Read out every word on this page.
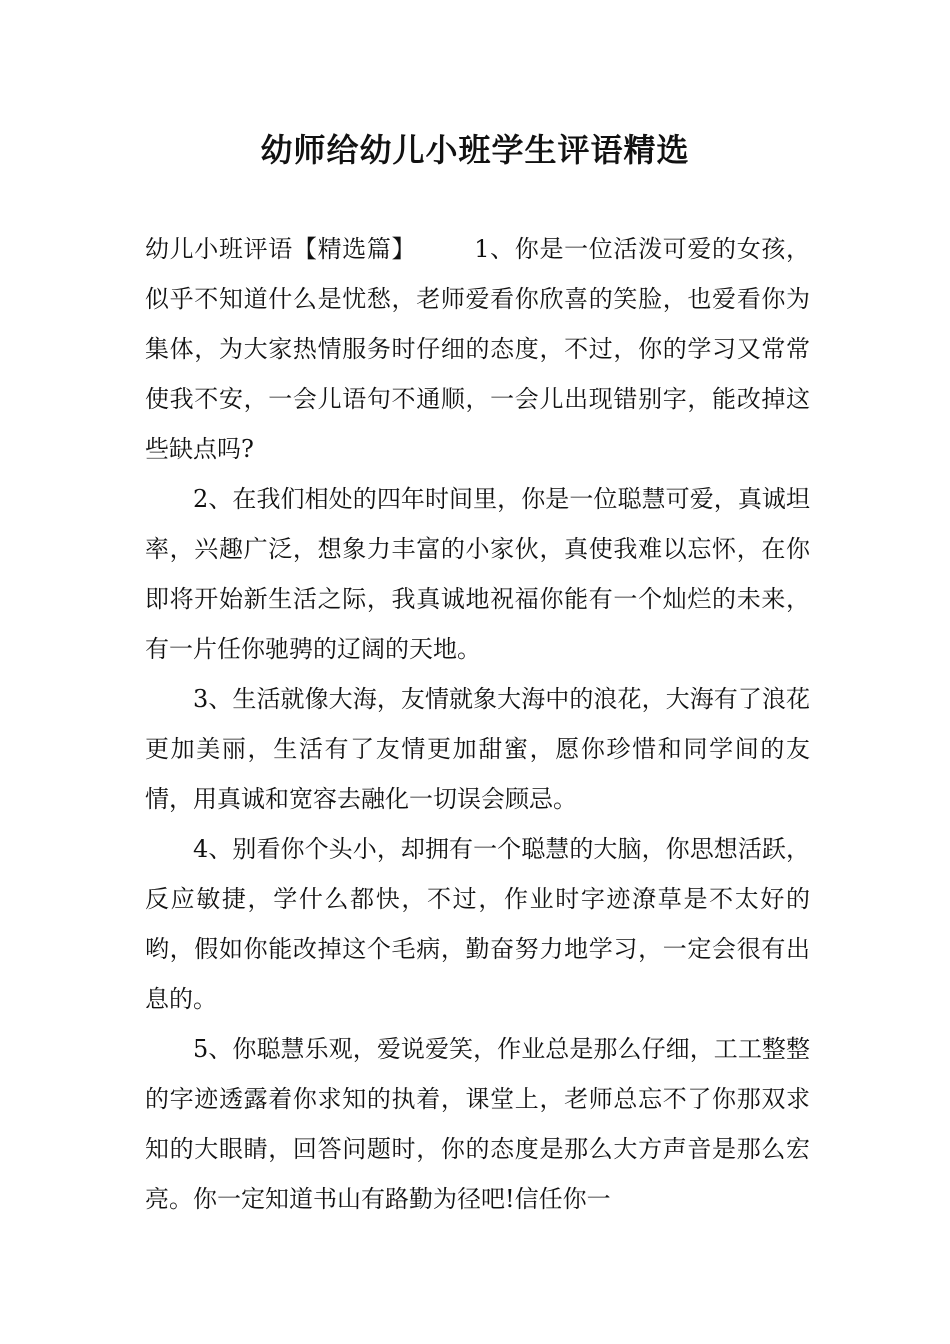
幼师给幼儿小班学生评语精选

幼儿小班评语【精选篇】 1、你是一位活泼可爱的女孩，似乎不知道什么是忧愁，老师爱看你欣喜的笑脸，也爱看你为集体，为大家热情服务时仔细的态度，不过，你的学习又常常使我不安，一会儿语句不通顺，一会儿出现错别字，能改掉这些缺点吗?

2、在我们相处的四年时间里，你是一位聪慧可爱，真诚坦率，兴趣广泛，想象力丰富的小家伙，真使我难以忘怀，在你即将开始新生活之际，我真诚地祝福你能有一个灿烂的未来，有一片任你驰骋的辽阔的天地。

3、生活就像大海，友情就象大海中的浪花，大海有了浪花更加美丽，生活有了友情更加甜蜜，愿你珍惜和同学间的友情，用真诚和宽容去融化一切误会顾忌。

4、别看你个头小，却拥有一个聪慧的大脑，你思想活跃，反应敏捷，学什么都快，不过，作业时字迹潦草是不太好的哟，假如你能改掉这个毛病，勤奋努力地学习，一定会很有出息的。

5、你聪慧乐观，爱说爱笑，作业总是那么仔细，工工整整的字迹透露着你求知的执着，课堂上，老师总忘不了你那双求知的大眼睛，回答问题时，你的态度是那么大方声音是那么宏亮。你一定知道书山有路勤为径吧!信任你一
